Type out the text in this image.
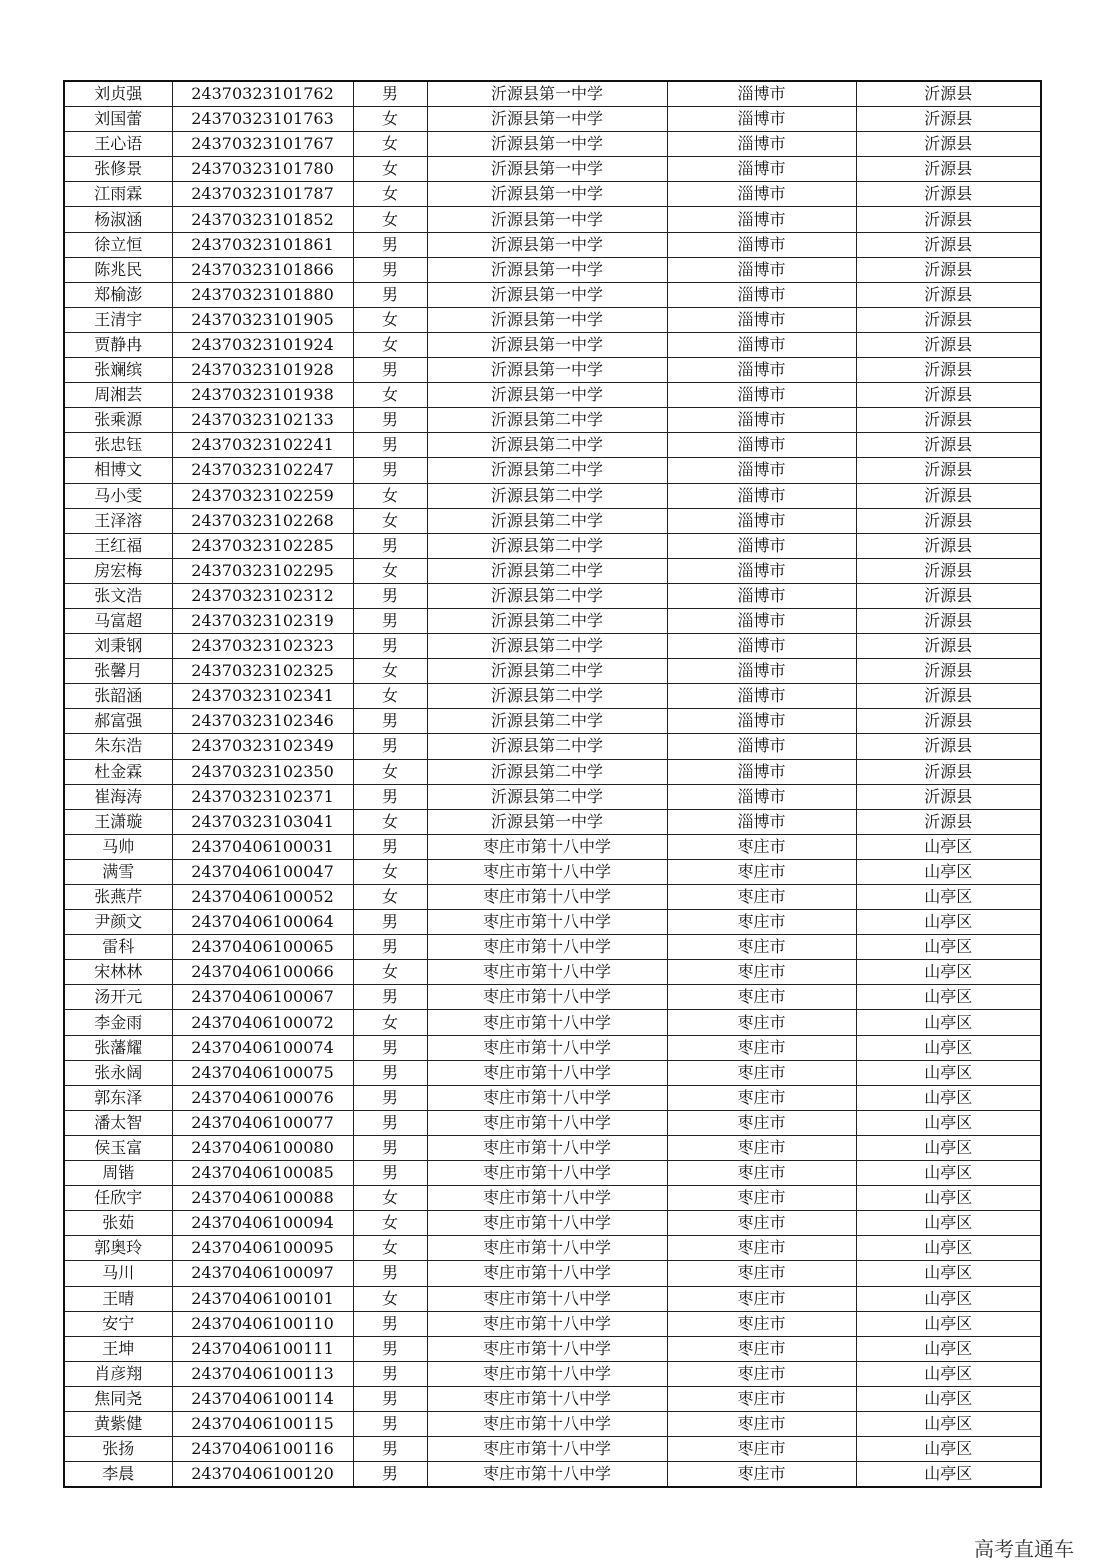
刘贞强	24370323101762	男	沂源县第一中学	淄博市	沂源县
刘国蕾	24370323101763	女	沂源县第一中学	淄博市	沂源县
王心语	24370323101767	女	沂源县第一中学	淄博市	沂源县
张修景	24370323101780	女	沂源县第一中学	淄博市	沂源县
江雨霖	24370323101787	女	沂源县第一中学	淄博市	沂源县
杨淑涵	24370323101852	女	沂源县第一中学	淄博市	沂源县
徐立恒	24370323101861	男	沂源县第一中学	淄博市	沂源县
陈兆民	24370323101866	男	沂源县第一中学	淄博市	沂源县
郑榆澎	24370323101880	男	沂源县第一中学	淄博市	沂源县
王清宇	24370323101905	女	沂源县第一中学	淄博市	沂源县
贾静冉	24370323101924	女	沂源县第一中学	淄博市	沂源县
张斓缤	24370323101928	男	沂源县第一中学	淄博市	沂源县
周湘芸	24370323101938	女	沂源县第一中学	淄博市	沂源县
张乘源	24370323102133	男	沂源县第二中学	淄博市	沂源县
张忠钰	24370323102241	男	沂源县第二中学	淄博市	沂源县
相博文	24370323102247	男	沂源县第二中学	淄博市	沂源县
马小雯	24370323102259	女	沂源县第二中学	淄博市	沂源县
王泽溶	24370323102268	女	沂源县第二中学	淄博市	沂源县
王红福	24370323102285	男	沂源县第二中学	淄博市	沂源县
房宏梅	24370323102295	女	沂源县第二中学	淄博市	沂源县
张文浩	24370323102312	男	沂源县第二中学	淄博市	沂源县
马富超	24370323102319	男	沂源县第二中学	淄博市	沂源县
刘秉钢	24370323102323	男	沂源县第二中学	淄博市	沂源县
张馨月	24370323102325	女	沂源县第二中学	淄博市	沂源县
张韶涵	24370323102341	女	沂源县第二中学	淄博市	沂源县
郝富强	24370323102346	男	沂源县第二中学	淄博市	沂源县
朱东浩	24370323102349	男	沂源县第二中学	淄博市	沂源县
杜金霖	24370323102350	女	沂源县第二中学	淄博市	沂源县
崔海涛	24370323102371	男	沂源县第二中学	淄博市	沂源县
王潇璇	24370323103041	女	沂源县第一中学	淄博市	沂源县
马帅	24370406100031	男	枣庄市第十八中学	枣庄市	山亭区
满雪	24370406100047	女	枣庄市第十八中学	枣庄市	山亭区
张燕芹	24370406100052	女	枣庄市第十八中学	枣庄市	山亭区
尹颜文	24370406100064	男	枣庄市第十八中学	枣庄市	山亭区
雷科	24370406100065	男	枣庄市第十八中学	枣庄市	山亭区
宋林林	24370406100066	女	枣庄市第十八中学	枣庄市	山亭区
汤开元	24370406100067	男	枣庄市第十八中学	枣庄市	山亭区
李金雨	24370406100072	女	枣庄市第十八中学	枣庄市	山亭区
张藩耀	24370406100074	男	枣庄市第十八中学	枣庄市	山亭区
张永阔	24370406100075	男	枣庄市第十八中学	枣庄市	山亭区
郭东泽	24370406100076	男	枣庄市第十八中学	枣庄市	山亭区
潘太智	24370406100077	男	枣庄市第十八中学	枣庄市	山亭区
侯玉富	24370406100080	男	枣庄市第十八中学	枣庄市	山亭区
周锴	24370406100085	男	枣庄市第十八中学	枣庄市	山亭区
任欣宇	24370406100088	女	枣庄市第十八中学	枣庄市	山亭区
张茹	24370406100094	女	枣庄市第十八中学	枣庄市	山亭区
郭奥玲	24370406100095	女	枣庄市第十八中学	枣庄市	山亭区
马川	24370406100097	男	枣庄市第十八中学	枣庄市	山亭区
王晴	24370406100101	女	枣庄市第十八中学	枣庄市	山亭区
安宁	24370406100110	男	枣庄市第十八中学	枣庄市	山亭区
王坤	24370406100111	男	枣庄市第十八中学	枣庄市	山亭区
肖彦翔	24370406100113	男	枣庄市第十八中学	枣庄市	山亭区
焦同尧	24370406100114	男	枣庄市第十八中学	枣庄市	山亭区
黄紫健	24370406100115	男	枣庄市第十八中学	枣庄市	山亭区
张扬	24370406100116	男	枣庄市第十八中学	枣庄市	山亭区
李晨	24370406100120	男	枣庄市第十八中学	枣庄市	山亭区
高考直通车
